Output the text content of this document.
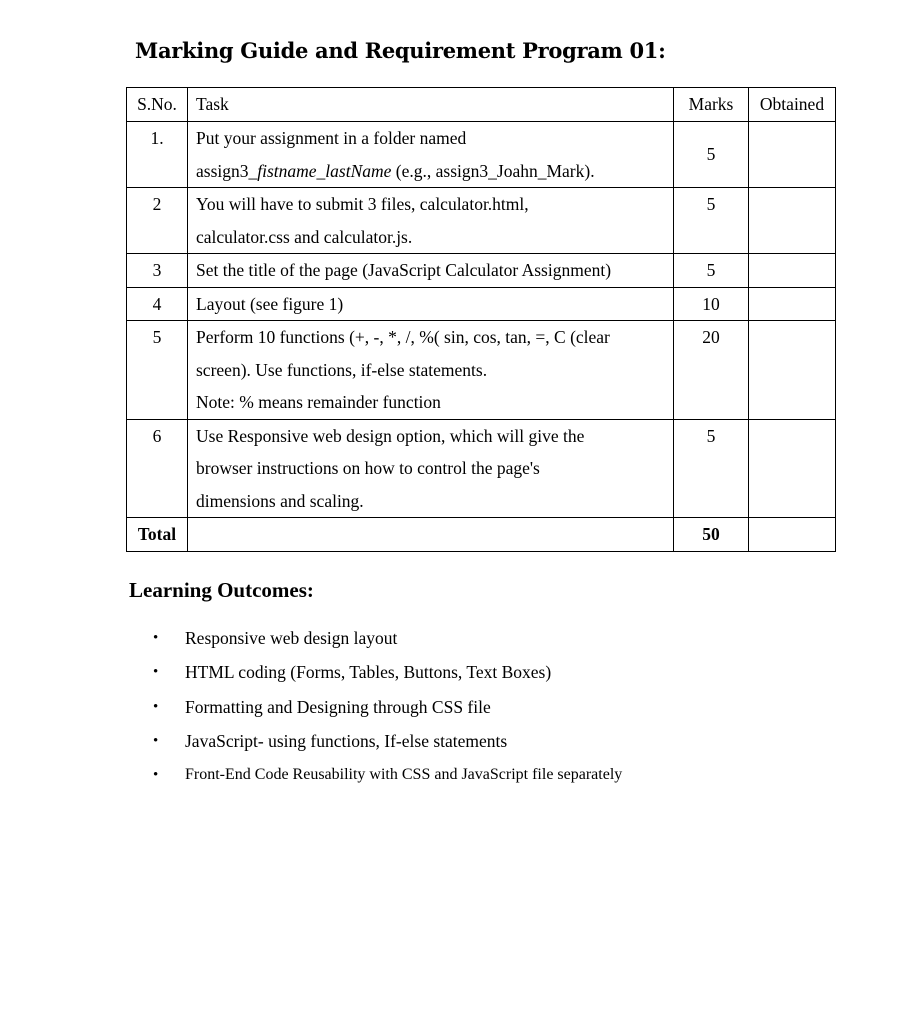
Marking Guide and Requirement Program 01:
S.No.	Task	Marks	Obtained
1.	Put your assignment in a folder named
assign3_fistname_lastName (e.g., assign3_Joahn_Mark).	5	
2	You will have to submit 3 files, calculator.html,
calculator.css and calculator.js.	5	
3	Set the title of the page (JavaScript Calculator Assignment)	5	
4	Layout (see figure 1)	10	
5	Perform 10 functions (+, -, *, /, %( sin, cos, tan, =, C (clear
screen). Use functions, if-else statements.
Note: % means remainder function	20	
6	Use Responsive web design option, which will give the
browser instructions on how to control the page's
dimensions and scaling.	5	
Total		50	
Learning Outcomes:
• Responsive web design layout
• HTML coding (Forms, Tables, Buttons, Text Boxes)
• Formatting and Designing through CSS file
• JavaScript- using functions, If-else statements
• Front-End Code Reusability with CSS and JavaScript file separately
